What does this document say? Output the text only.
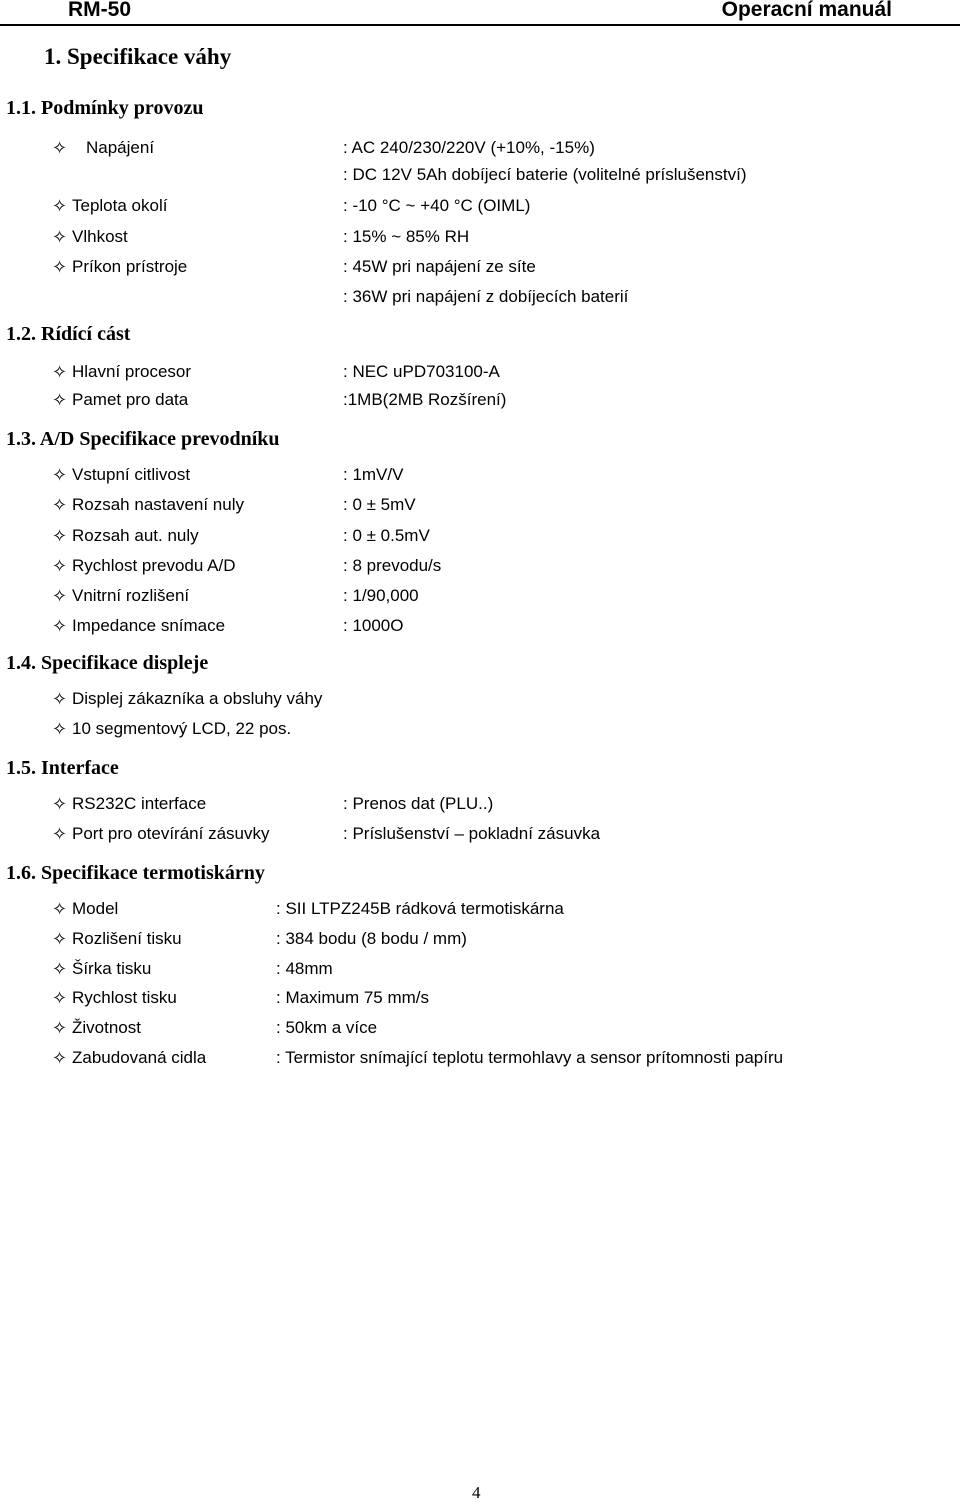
RM-50	Operacní manuál
1. Specifikace váhy
1.1. Podmínky provozu
✧ Napájení	: AC 240/230/220V (+10%, -15%)
: DC 12V 5Ah dobíjecí baterie (volitelné príslušenství)
✧ Teplota okolí	: -10 °C ~ +40 °C (OIML)
✧ Vlhkost	: 15% ~ 85% RH
✧ Príkon prístroje	: 45W pri napájení ze síte
: 36W pri napájení z dobíjecích baterií
1.2. Rídící cást
✧ Hlavní procesor	: NEC uPD703100-A
✧ Pamet pro data	:1MB(2MB Rozšírení)
1.3. A/D Specifikace prevodníku
✧ Vstupní citlivost	: 1mV/V
✧ Rozsah nastavení nuly	: 0 ± 5mV
✧ Rozsah aut. nuly	: 0 ± 0.5mV
✧ Rychlost prevodu A/D	: 8 prevodu/s
✧ Vnitrní rozlišení	: 1/90,000
✧ Impedance snímace	: 1000O
1.4. Specifikace displeje
✧ Displej zákazníka a obsluhy váhy
✧ 10 segmentový LCD, 22 pos.
1.5. Interface
✧ RS232C interface	: Prenos dat (PLU..)
✧ Port pro otevírání zásuvky	: Príslušenství – pokladní zásuvka
1.6. Specifikace termotiskárny
✧ Model	: SII LTPZ245B rádková termotiskárna
✧ Rozlišení tisku	: 384 bodu (8 bodu / mm)
✧ Šírka tisku	: 48mm
✧ Rychlost tisku	: Maximum 75 mm/s
✧ Životnost	: 50km a více
✧ Zabudovaná cidla	: Termistor snímající teplotu termohlavy a sensor prítomnosti papíru
4
